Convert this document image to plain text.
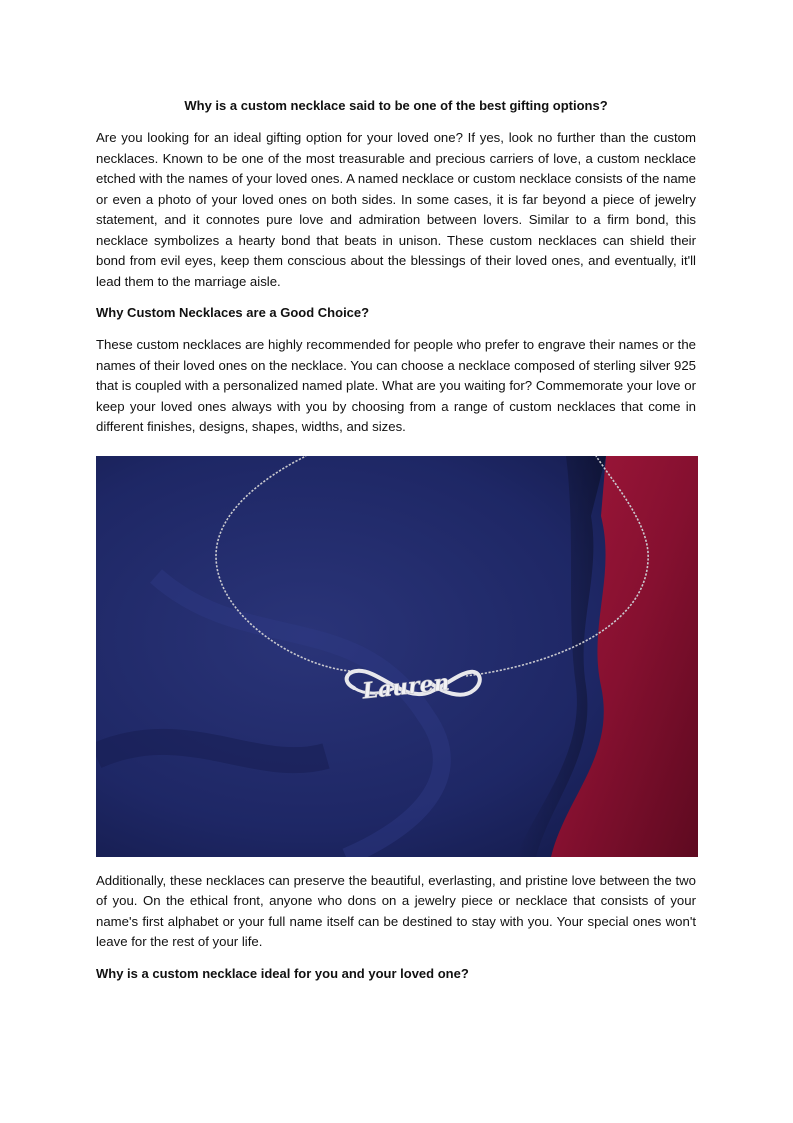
Why is a custom necklace said to be one of the best gifting options?

Are you looking for an ideal gifting option for your loved one? If yes, look no further than the custom necklaces. Known to be one of the most treasurable and precious carriers of love, a custom necklace etched with the names of your loved ones. A named necklace or custom necklace consists of the name or even a photo of your loved ones on both sides. In some cases, it is far beyond a piece of jewelry statement, and it connotes pure love and admiration between lovers. Similar to a firm bond, this necklace symbolizes a hearty bond that beats in unison. These custom necklaces can shield their bond from evil eyes, keep them conscious about the blessings of their loved ones, and eventually, it'll lead them to the marriage aisle.

Why Custom Necklaces are a Good Choice?

These custom necklaces are highly recommended for people who prefer to engrave their names or the names of their loved ones on the necklace. You can choose a necklace composed of sterling silver 925 that is coupled with a personalized named plate. What are you waiting for? Commemorate your love or keep your loved ones always with you by choosing from a range of custom necklaces that come in different finishes, designs, shapes, widths, and sizes.

Lauren

Additionally, these necklaces can preserve the beautiful, everlasting, and pristine love between the two of you. On the ethical front, anyone who dons on a jewelry piece or necklace that consists of your name's first alphabet or your full name itself can be destined to stay with you. Your special ones won't leave for the rest of your life.

Why is a custom necklace ideal for you and your loved one?
